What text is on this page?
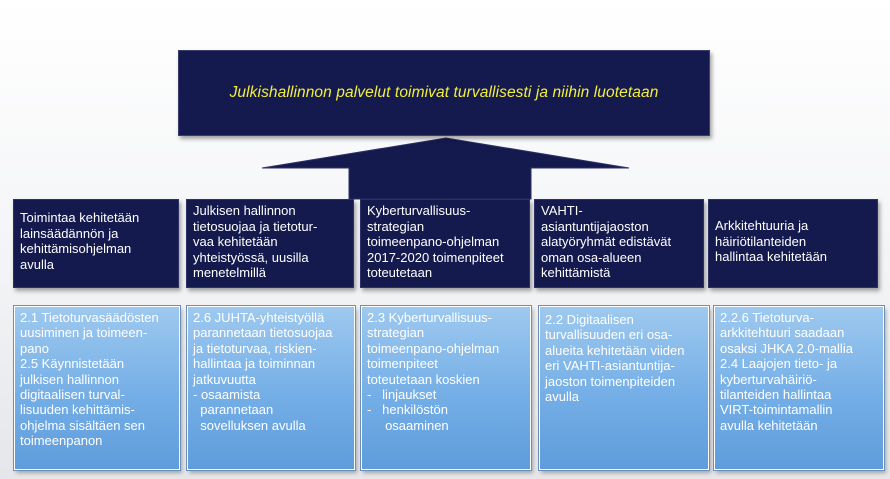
Julkishallinnon palvelut toimivat turvallisesti ja niihin luotetaan
Toimintaa kehitetään
lainsäädännön ja
kehittämisohjelman
avulla
Julkisen hallinnon
tietosuojaa ja tietotur-
vaa kehitetään
yhteistyössä, uusilla
menetelmillä
Kyberturvallisuus-
strategian
toimeenpano-ohjelman
2017-2020 toimenpiteet
toteutetaan
VAHTI-
asiantuntijajaoston
alatyöryhmät edistävät
oman osa-alueen
kehittämistä
Arkkitehtuuria ja
häiriötilanteiden
hallintaa kehitetään
2.1 Tietoturvasäädösten
uusiminen ja toimeen-
pano
2.5 Käynnistetään
julkisen hallinnon
digitaalisen turval-
lisuuden kehittämis-
ohjelma sisältäen sen
toimeenpanon
2.6 JUHTA-yhteistyöllä
parannetaan tietosuojaa
ja tietoturvaa, riskien-
hallintaa ja toiminnan
jatkuvuutta
- osaamista
parannetaan
sovelluksen avulla
2.3 Kyberturvallisuus-
strategian
toimeenpano-ohjelman
toimenpiteet
toteutetaan koskien
-   linjaukset
-   henkilöstön
osaaminen
2.2 Digitaalisen
turvallisuuden eri osa-
alueita kehitetään viiden
eri VAHTI-asiantuntija-
jaoston toimenpiteiden
avulla
2.2.6 Tietoturva-
arkkitehtuuri saadaan
osaksi JHKA 2.0-mallia
2.4 Laajojen tieto- ja
kyberturvahäiriö-
tilanteiden hallintaa
VIRT-toimintamallin
avulla kehitetään
